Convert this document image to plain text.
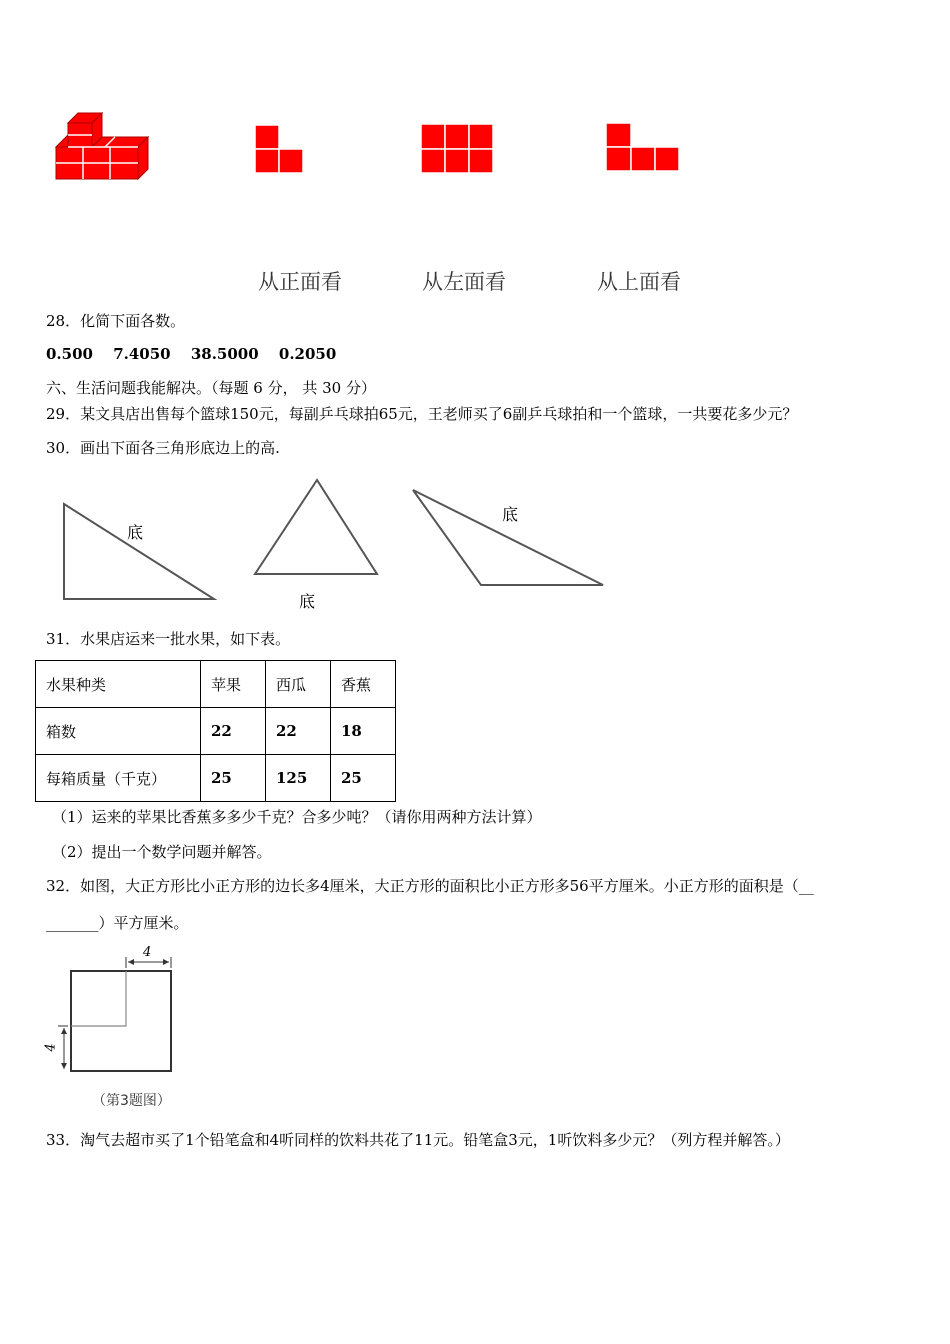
从正面看	从左面看	从上面看
28．化简下面各数。
0.500　 7.4050　 38.5000　 0.2050
六、生活问题我能解决。（每题 6 分， 共 30 分）
29．某文具店出售每个篮球150元，每副乒乓球拍65元，王老师买了6副乒乓球拍和一个篮球，一共要花多少元？
30．画出下面各三角形底边上的高.
底
底
底
31．水果店运来一批水果，如下表。
水果种类	苹果	西瓜	香蕉
箱数	22	22	18
每箱质量（千克）	25	125	25
（1）运来的苹果比香蕉多多少千克？合多少吨？（请你用两种方法计算）
（2）提出一个数学问题并解答。
32．如图，大正方形比小正方形的边长多4厘米，大正方形的面积比小正方形多56平方厘米。小正方形的面积是（__
_______）平方厘米。
4
4
（第3题图）
33．淘气去超市买了1个铅笔盒和4听同样的饮料共花了11元。铅笔盒3元，1听饮料多少元？（列方程并解答。）
